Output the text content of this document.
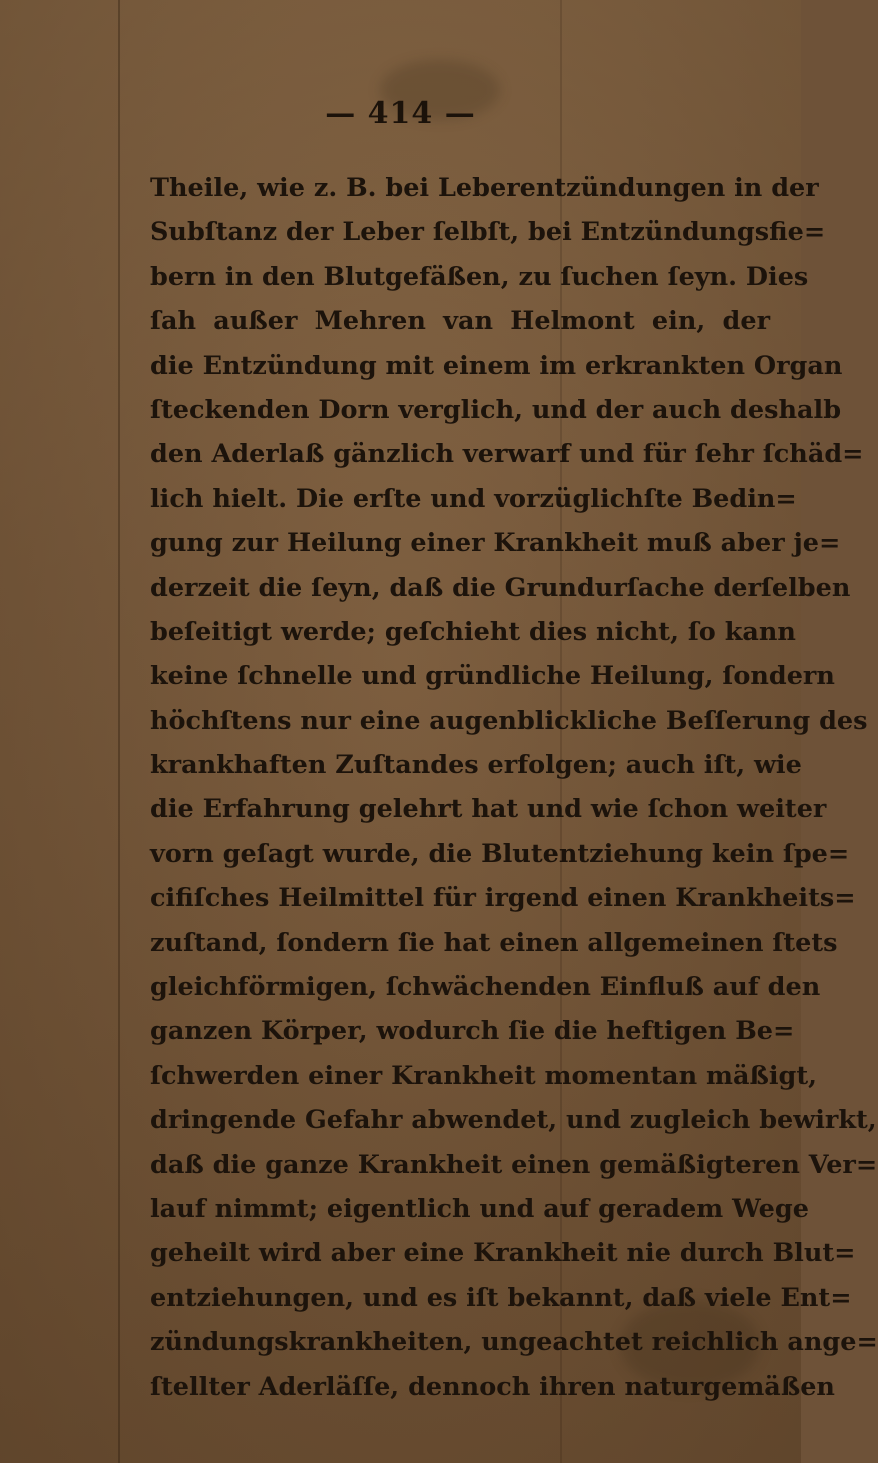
— 414 —
Theile, wie z. B. bei Leberentzündungen in der
Subſtanz der Leber ſelbſt, bei Entzündungsfie=
bern in den Blutgefäßen, zu ſuchen ſeyn. Dies
ſah außer Mehren van Helmont ein, der
die Entzündung mit einem im erkrankten Organ
ſteckenden Dorn verglich, und der auch deshalb
den Aderlaß gänzlich verwarf und für ſehr ſchäd=
lich hielt. Die erſte und vorzüglichſte Bedin=
gung zur Heilung einer Krankheit muß aber je=
derzeit die ſeyn, daß die Grundurſache derſelben
beſeitigt werde; geſchieht dies nicht, ſo kann
keine ſchnelle und gründliche Heilung, ſondern
höchſtens nur eine augenblickliche Beſſerung des
krankhaften Zuſtandes erfolgen; auch iſt, wie
die Erfahrung gelehrt hat und wie ſchon weiter
vorn geſagt wurde, die Blutentziehung kein ſpe=
cifiſches Heilmittel für irgend einen Krankheits=
zuſtand, ſondern ſie hat einen allgemeinen ſtets
gleichförmigen, ſchwächenden Einfluß auf den
ganzen Körper, wodurch ſie die heftigen Be=
ſchwerden einer Krankheit momentan mäßigt,
dringende Gefahr abwendet, und zugleich bewirkt,
daß die ganze Krankheit einen gemäßigteren Ver=
lauf nimmt; eigentlich und auf geradem Wege
geheilt wird aber eine Krankheit nie durch Blut=
entziehungen, und es iſt bekannt, daß viele Ent=
zündungskrankheiten, ungeachtet reichlich ange=
ſtellter Aderläſſe, dennoch ihren naturgemäßen
